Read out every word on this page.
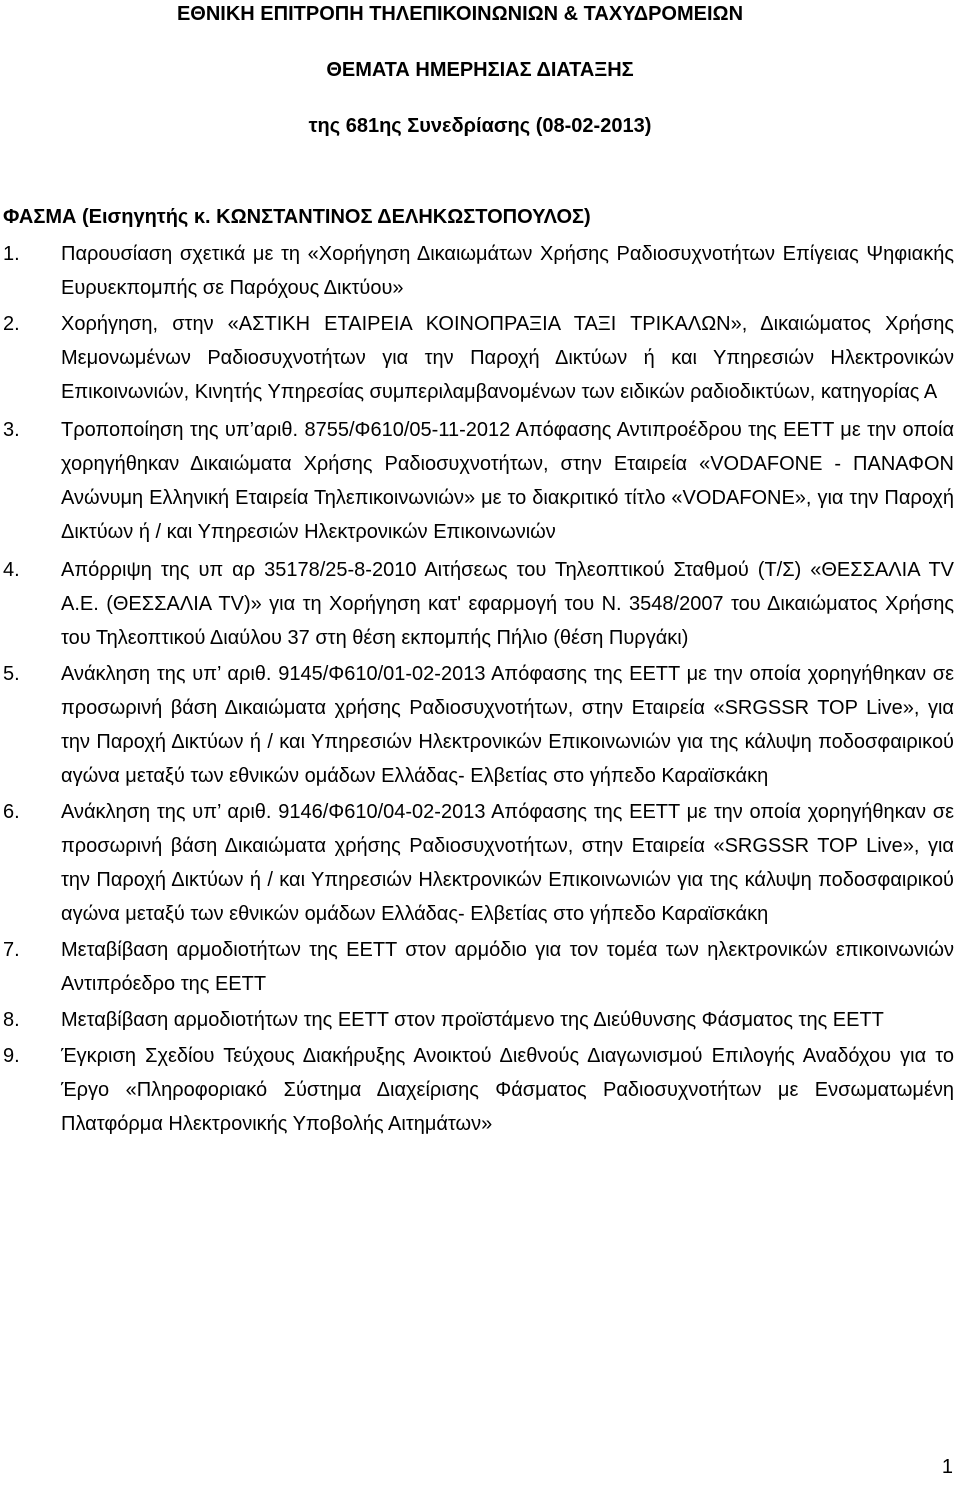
ΕΘΝΙΚΗ ΕΠΙΤΡΟΠΗ ΤΗΛΕΠΙΚΟΙΝΩΝΙΩΝ & ΤΑΧΥΔΡΟΜΕΙΩΝ
ΘΕΜΑΤΑ ΗΜΕΡΗΣΙΑΣ ΔΙΑΤΑΞΗΣ
της 681ης Συνεδρίασης (08-02-2013)
ΦΑΣΜΑ (Εισηγητής κ. ΚΩΝΣΤΑΝΤΙΝΟΣ ΔΕΛΗΚΩΣΤΟΠΟΥΛΟΣ)
1. Παρουσίαση σχετικά με τη «Χορήγηση Δικαιωμάτων Χρήσης Ραδιοσυχνοτήτων Επίγειας Ψηφιακής Ευρυεκπομπής σε Παρόχους Δικτύου»
2. Χορήγηση, στην «ΑΣΤΙΚΗ ΕΤΑΙΡΕΙΑ ΚΟΙΝΟΠΡΑΞΙΑ ΤΑΞΙ ΤΡΙΚΑΛΩΝ», Δικαιώματος Χρήσης Μεμονωμένων Ραδιοσυχνοτήτων για την Παροχή Δικτύων ή και Υπηρεσιών Ηλεκτρονικών Επικοινωνιών, Κινητής Υπηρεσίας συμπεριλαμβανομένων των ειδικών ραδιοδικτύων, κατηγορίας Α
3. Τροποποίηση της υπ’αριθ. 8755/Φ610/05-11-2012 Απόφασης Αντιπροέδρου της ΕΕΤΤ με την οποία χορηγήθηκαν Δικαιώματα Χρήσης Ραδιοσυχνοτήτων, στην Εταιρεία «VODAFONE - ΠΑΝΑΦΟΝ Ανώνυμη Ελληνική Εταιρεία Τηλεπικοινωνιών» με το διακριτικό τίτλο «VODAFONE», για την Παροχή Δικτύων ή / και Υπηρεσιών Ηλεκτρονικών Επικοινωνιών
4. Απόρριψη της υπ αρ 35178/25-8-2010 Αιτήσεως του Τηλεοπτικού Σταθμού (Τ/Σ) «ΘΕΣΣΑΛΙΑ TV Α.Ε. (ΘΕΣΣΑΛΙΑ TV)» για τη Χορήγηση κατ' εφαρμογή του Ν. 3548/2007 του Δικαιώματος Χρήσης του Τηλεοπτικού Διαύλου 37 στη θέση εκπομπής Πήλιο (θέση Πυργάκι)
5. Ανάκληση της υπ’ αριθ. 9145/Φ610/01-02-2013 Απόφασης της ΕΕΤΤ με την οποία χορηγήθηκαν σε προσωρινή βάση Δικαιώματα χρήσης Ραδιοσυχνοτήτων, στην Εταιρεία «SRGSSR TOP Live», για την Παροχή Δικτύων ή / και Υπηρεσιών Ηλεκτρονικών Επικοινωνιών για της κάλυψη ποδοσφαιρικού αγώνα μεταξύ των εθνικών ομάδων Ελλάδας- Ελβετίας στο γήπεδο Καραϊσκάκη
6. Ανάκληση της υπ’ αριθ. 9146/Φ610/04-02-2013 Απόφασης της ΕΕΤΤ με την οποία χορηγήθηκαν σε προσωρινή βάση Δικαιώματα χρήσης Ραδιοσυχνοτήτων, στην Εταιρεία «SRGSSR TOP Live», για την Παροχή Δικτύων ή / και Υπηρεσιών Ηλεκτρονικών Επικοινωνιών για της κάλυψη ποδοσφαιρικού αγώνα μεταξύ των εθνικών ομάδων Ελλάδας- Ελβετίας στο γήπεδο Καραϊσκάκη
7. Μεταβίβαση αρμοδιοτήτων της ΕΕΤΤ στον αρμόδιο για τον τομέα των ηλεκτρονικών επικοινωνιών Αντιπρόεδρο της ΕΕΤΤ
8. Μεταβίβαση αρμοδιοτήτων της ΕΕΤΤ στον προϊστάμενο της Διεύθυνσης Φάσματος της ΕΕΤΤ
9. Έγκριση Σχεδίου Τεύχους Διακήρυξης Ανοικτού Διεθνούς Διαγωνισμού Επιλογής Αναδόχου για το Έργο «Πληροφοριακό Σύστημα Διαχείρισης Φάσματος Ραδιοσυχνοτήτων με Ενσωματωμένη Πλατφόρμα Ηλεκτρονικής Υποβολής Αιτημάτων»
1
